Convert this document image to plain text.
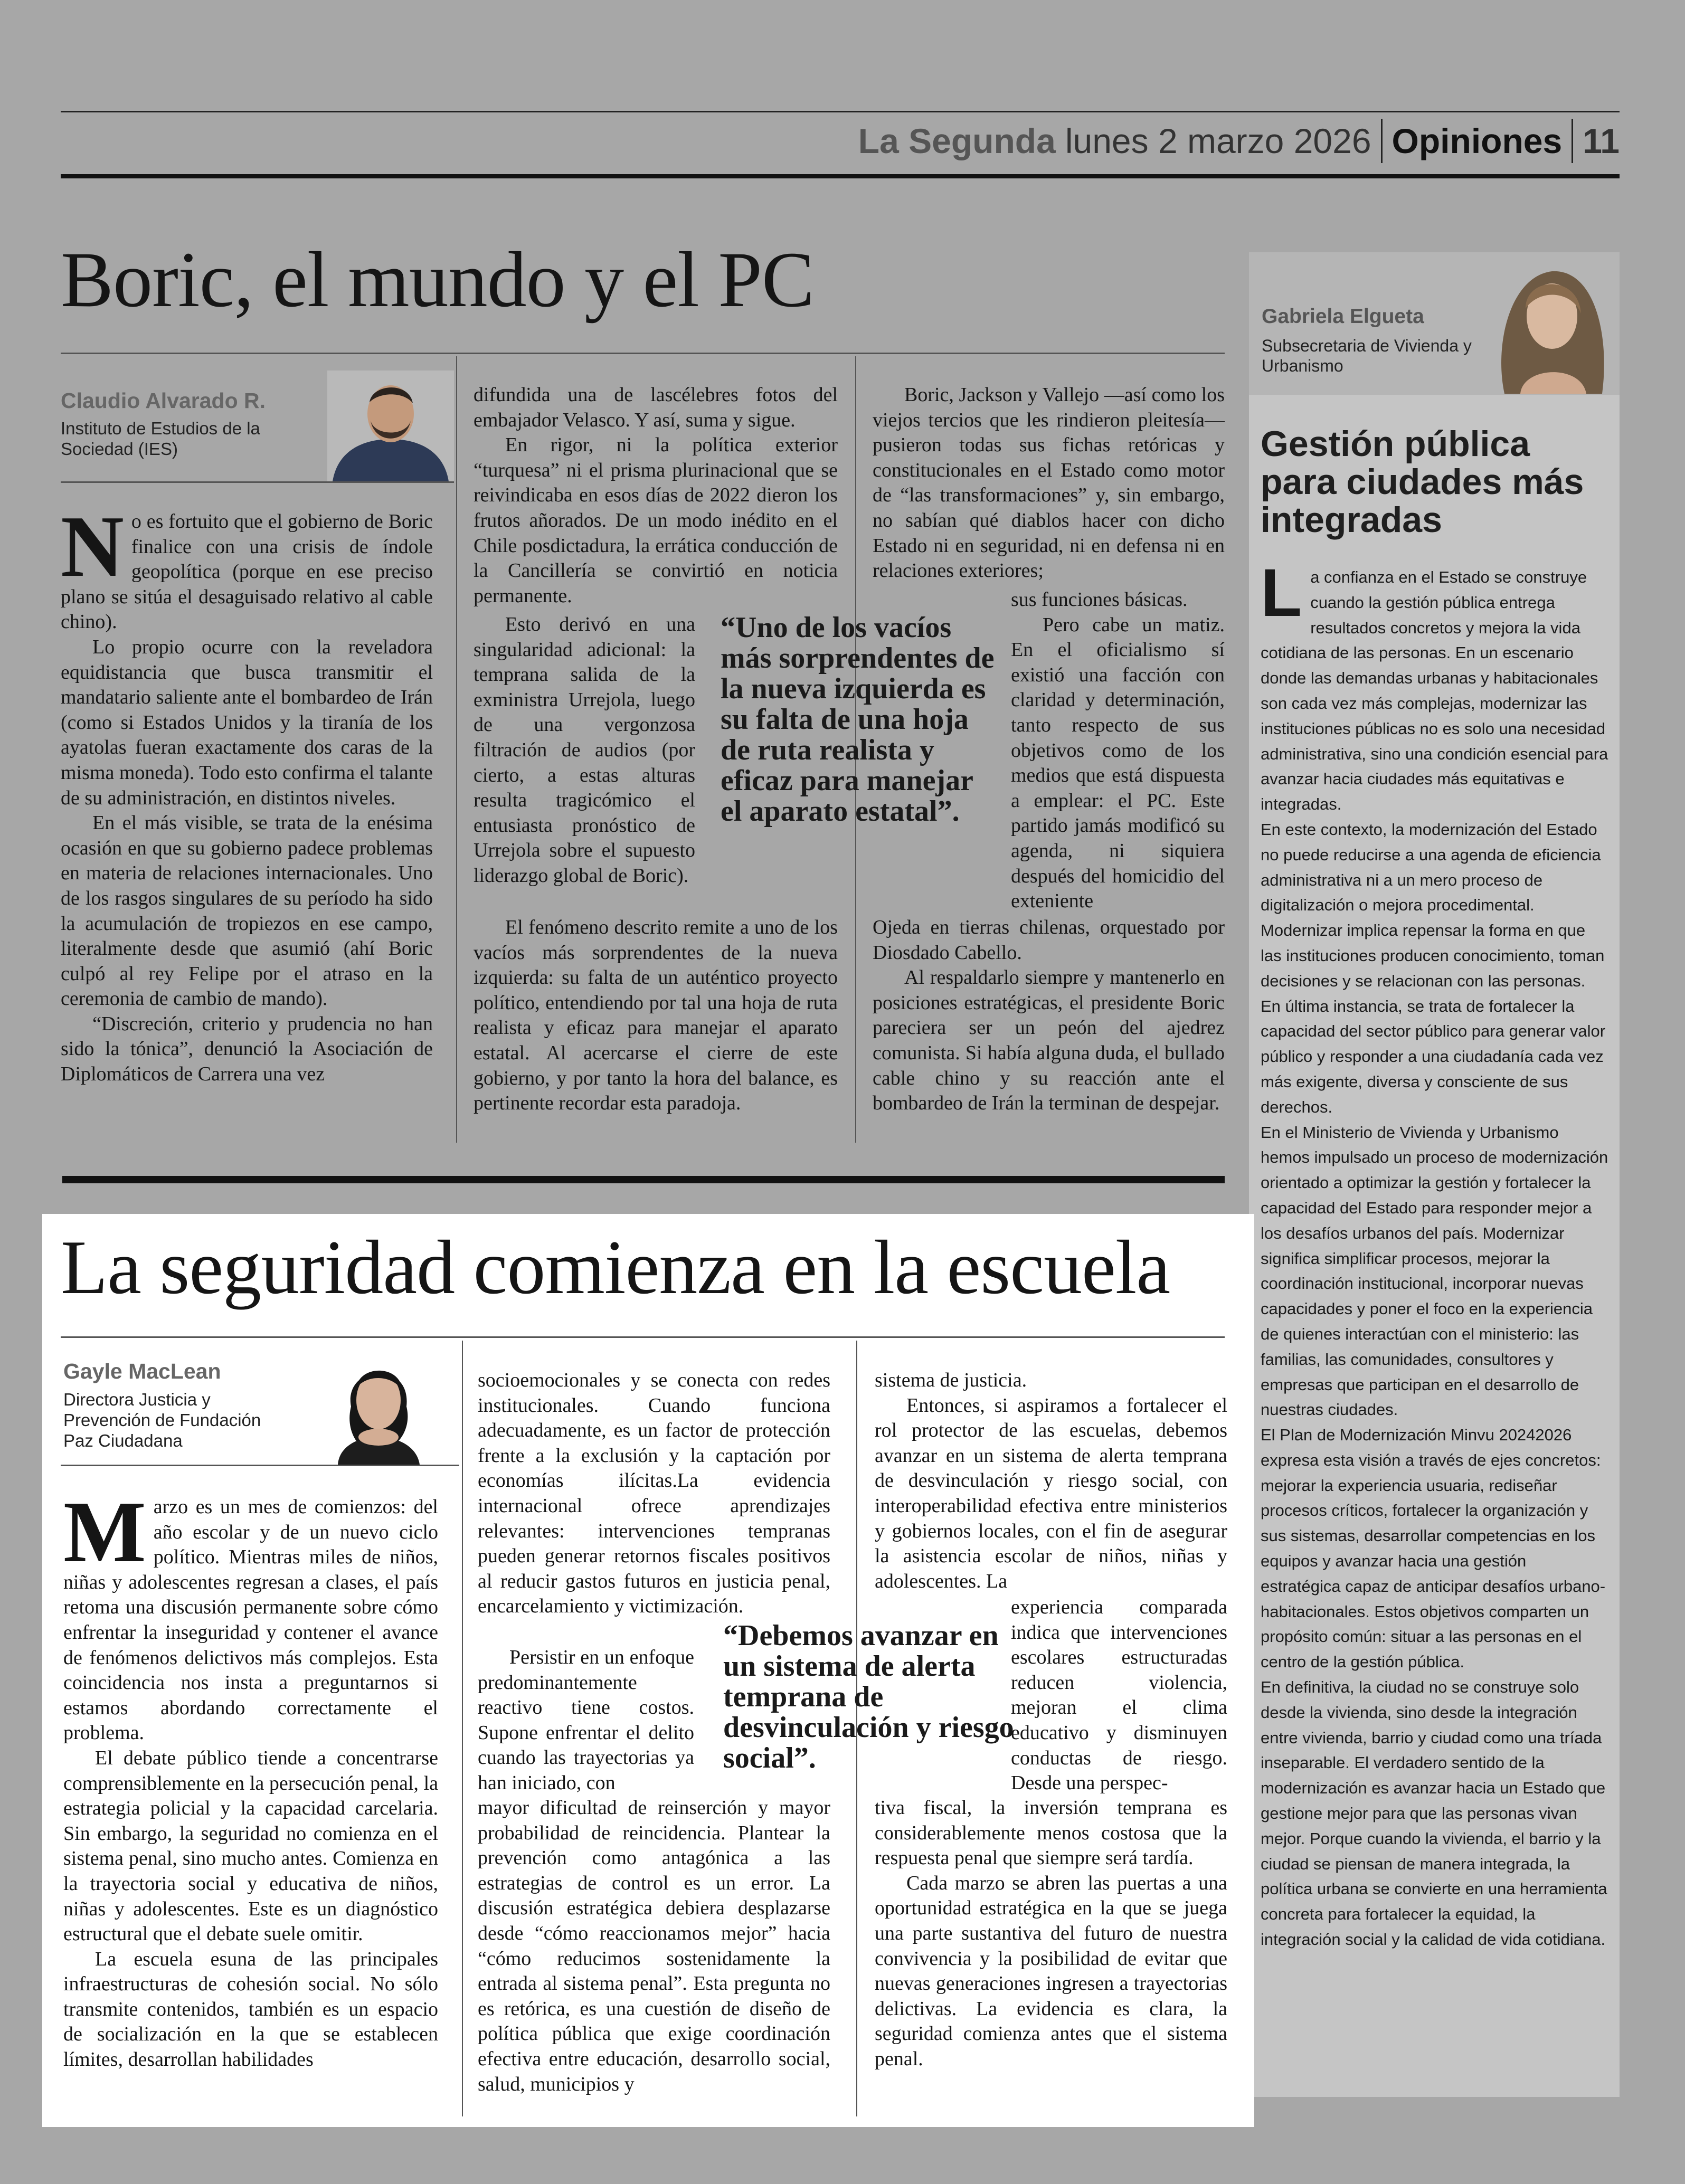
La Segunda lunes 2 marzo 2026 Opiniones 11
Gabriela Elgueta
Subsecretaria de Vivienda y Urbanismo
Gestión pública para ciudades más integradas

La confianza en el Estado se construye cuando la gestión pública entrega resultados concretos y mejora la vida cotidiana de las personas. En un escenario donde las demandas urbanas y habitacionales son cada vez más complejas, modernizar las instituciones públicas no es solo una necesidad administrativa, sino una condición esencial para avanzar hacia ciudades más equitativas e integradas.

En este contexto, la modernización del Estado no puede reducirse a una agenda de eficiencia administrativa ni a un mero proceso de digitalización o mejora procedimental. Modernizar implica repensar la forma en que las instituciones producen conocimiento, toman decisiones y se relacionan con las personas. En última instancia, se trata de fortalecer la capacidad del sector público para generar valor público y responder a una ciudadanía cada vez más exigente, diversa y consciente de sus derechos.

En el Ministerio de Vivienda y Urbanismo hemos impulsado un proceso de modernización orientado a optimizar la gestión y fortalecer la capacidad del Estado para responder mejor a los desafíos urbanos del país. Modernizar significa simplificar procesos, mejorar la coordinación institucional, incorporar nuevas capacidades y poner el foco en la experiencia de quienes interactúan con el ministerio: las familias, las comunidades, consultores y empresas que participan en el desarrollo de nuestras ciudades.

El Plan de Modernización Minvu 20242026 expresa esta visión a través de ejes concretos: mejorar la experiencia usuaria, rediseñar procesos críticos, fortalecer la organización y sus sistemas, desarrollar competencias en los equipos y avanzar hacia una gestión estratégica capaz de anticipar desafíos urbano-habitacionales. Estos objetivos comparten un propósito común: situar a las personas en el centro de la gestión pública.

En definitiva, la ciudad no se construye solo desde la vivienda, sino desde la integración entre vivienda, barrio y ciudad como una tríada inseparable. El verdadero sentido de la modernización es avanzar hacia un Estado que gestione mejor para que las personas vivan mejor. Porque cuando la vivienda, el barrio y la ciudad se piensan de manera integrada, la política urbana se convierte en una herramienta concreta para fortalecer la equidad, la integración social y la calidad de vida cotidiana.

Boric, el mundo y el PC
Claudio Alvarado R.
Instituto de Estudios de la Sociedad (IES)

No es fortuito que el gobierno de Boric finalice con una crisis de índole geopolítica (porque en ese preciso plano se sitúa el desaguisado relativo al cable chino).

Lo propio ocurre con la reveladora equidistancia que busca transmitir el mandatario saliente ante el bombardeo de Irán (como si Estados Unidos y la tiranía de los ayatolas fueran exactamente dos caras de la misma moneda). Todo esto confirma el talante de su administración, en distintos niveles.

En el más visible, se trata de la enésima ocasión en que su gobierno padece problemas en materia de relaciones internacionales. Uno de los rasgos singulares de su período ha sido la acumulación de tropiezos en ese campo, literalmente desde que asumió (ahí Boric culpó al rey Felipe por el atraso en la ceremonia de cambio de mando).

“Discreción, criterio y prudencia no han sido la tónica”, denunció la Asociación de Diplomáticos de Carrera una vez

difundida una de lascélebres fotos del embajador Velasco. Y así, suma y sigue.

En rigor, ni la política exterior “turquesa” ni el prisma plurinacional que se reivindicaba en esos días de 2022 dieron los frutos añorados. De un modo inédito en el Chile posdictadura, la errática conducción de la Cancillería se convirtió en noticia permanente.

Esto derivó en una singularidad adicional: la temprana salida de la exministra Urrejola, luego de una vergonzosa filtración de audios (por cierto, a estas alturas resulta tragicómico el entusiasta pronóstico de Urrejola sobre el supuesto liderazgo global de Boric).

El fenómeno descrito remite a uno de los vacíos más sorprendentes de la nueva izquierda: su falta de un auténtico proyecto político, entendiendo por tal una hoja de ruta realista y eficaz para manejar el aparato estatal. Al acercarse el cierre de este gobierno, y por tanto la hora del balance, es pertinente recordar esta paradoja.

“Uno de los vacíos más sorprendentes de la nueva izquierda es su falta de una hoja de ruta realista y eficaz para manejar el aparato estatal”.

Boric, Jackson y Vallejo —así como los viejos tercios que les rindieron pleitesía— pusieron todas sus fichas retóricas y constitucionales en el Estado como motor de “las transformaciones” y, sin embargo, no sabían qué diablos hacer con dicho Estado ni en seguridad, ni en defensa ni en relaciones exteriores;

sus funciones básicas.

Pero cabe un matiz. En el oficialismo sí existió una facción con claridad y determinación, tanto respecto de sus objetivos como de los medios que está dispuesta a emplear: el PC. Este partido jamás modificó su agenda, ni siquiera después del homicidio del exteniente

Ojeda en tierras chilenas, orquestado por Diosdado Cabello.

Al respaldarlo siempre y mantenerlo en posiciones estratégicas, el presidente Boric pareciera ser un peón del ajedrez comunista. Si había alguna duda, el bullado cable chino y su reacción ante el bombardeo de Irán la terminan de despejar.

La seguridad comienza en la escuela
Gayle MacLean
Directora Justicia y Prevención de Fundación Paz Ciudadana

Marzo es un mes de comienzos: del año escolar y de un nuevo ciclo político. Mientras miles de niños, niñas y adolescentes regresan a clases, el país retoma una discusión permanente sobre cómo enfrentar la inseguridad y contener el avance de fenómenos delictivos más complejos. Esta coincidencia nos insta a preguntarnos si estamos abordando correctamente el problema.

El debate público tiende a concentrarse comprensiblemente en la persecución penal, la estrategia policial y la capacidad carcelaria. Sin embargo, la seguridad no comienza en el sistema penal, sino mucho antes. Comienza en la trayectoria social y educativa de niños, niñas y adolescentes. Este es un diagnóstico estructural que el debate suele omitir.

La escuela esuna de las principales infraestructuras de cohesión social. No sólo transmite contenidos, también es un espacio de socialización en la que se establecen límites, desarrollan habilidades

socioemocionales y se conecta con redes institucionales. Cuando funciona adecuadamente, es un factor de protección frente a la exclusión y la captación por economías ilícitas.La evidencia internacional ofrece aprendizajes relevantes: intervenciones tempranas pueden generar retornos fiscales positivos al reducir gastos futuros en justicia penal, encarcelamiento y victimización.

Persistir en un enfoque predominantemente reactivo tiene costos. Supone enfrentar el delito cuando las trayectorias ya han iniciado, con

mayor dificultad de reinserción y mayor probabilidad de reincidencia. Plantear la prevención como antagónica a las estrategias de control es un error. La discusión estratégica debiera desplazarse desde “cómo reaccionamos mejor” hacia “cómo reducimos sostenidamente la entrada al sistema penal”. Esta pregunta no es retórica, es una cuestión de diseño de política pública que exige coordinación efectiva entre educación, desarrollo social, salud, municipios y

“Debemos avanzar en un sistema de alerta temprana de desvinculación y riesgo social”.

sistema de justicia.

Entonces, si aspiramos a fortalecer el rol protector de las escuelas, debemos avanzar en un sistema de alerta temprana de desvinculación y riesgo social, con interoperabilidad efectiva entre ministerios y gobiernos locales, con el fin de asegurar la asistencia escolar de niños, niñas y adolescentes. La

experiencia comparada indica que intervenciones escolares estructuradas reducen violencia, mejoran el clima educativo y disminuyen conductas de riesgo. Desde una perspec-

tiva fiscal, la inversión temprana es considerablemente menos costosa que la respuesta penal que siempre será tardía.

Cada marzo se abren las puertas a una oportunidad estratégica en la que se juega una parte sustantiva del futuro de nuestra convivencia y la posibilidad de evitar que nuevas generaciones ingresen a trayectorias delictivas. La evidencia es clara, la seguridad comienza antes que el sistema penal.
